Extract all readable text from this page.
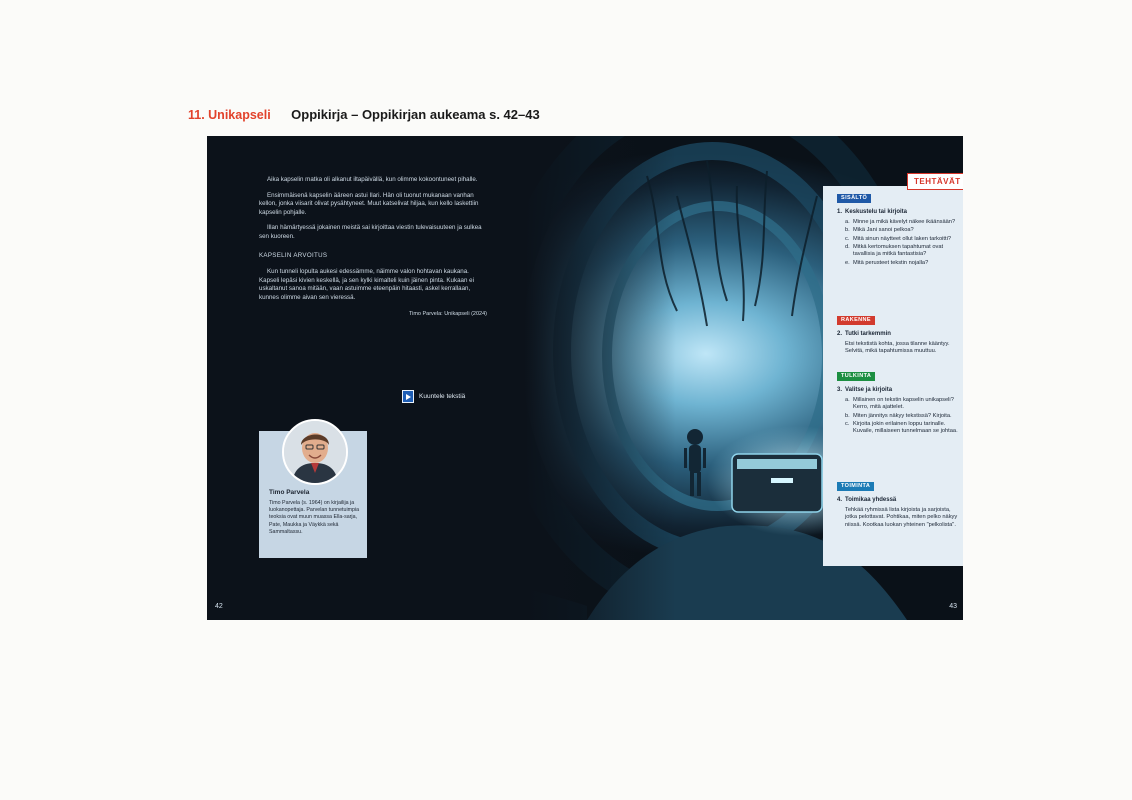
11. Unikapseli Oppikirja – Oppikirjan aukeama s. 42–43

Aika kapselin matka oli alkanut iltapäivällä, kun olimme kokoontuneet pihalle.

Ensimmäisenä kapselin ääreen astui Ilari. Hän oli tuonut mukanaan vanhan kellon, jonka viisarit olivat pysähtyneet. Muut katselivat hiljaa, kun kello laskettiin kapselin pohjalle.

Illan hämärtyessä jokainen meistä sai kirjoittaa viestin tulevaisuuteen ja sulkea sen kuoreen.

KAPSELIN ARVOITUS

Kun tunneli lopulta aukesi edessämme, näimme valon hohtavan kaukana. Kapseli lepäsi kivien keskellä, ja sen kylki kimalteli kuin jäinen pinta. Kukaan ei uskaltanut sanoa mitään, vaan astuimme eteenpäin hitaasti, askel kerrallaan, kunnes olimme aivan sen vieressä.

Timo Parvela: Unikapseli (2024)

Kuuntele tekstiä
Timo Parvela
Timo Parvela (s. 1964) on kirjailija ja luokanopettaja. Parvelan tunnetuimpia teoksia ovat muun muassa Ella-sarja, Pate, Maukka ja Väykkä sekä Sammaltassu.
SISÄLTÖ
1. Keskustelu tai kirjoita
a. Minne ja mikä kävelyt näkee ikäänsään?
b. Mikä Jani sanoi pelkoa?
c. Mitä sinun näytteet ollut laken tarkoitti?
d. Mitkä kertomuksen tapahtumat ovat tavallisia ja mitkä fantastisia?
e. Mitä perusteet tekstin nojalla?
RAKENNE
2. Tutki tarkemmin
Etsi tekstistä kohta, jossa tilanne kääntyy. Selvitä, mikä tapahtumissa muuttuu.
TULKINTA
3. Valitse ja kirjoita
a. Millainen on tekstin kapselin unikapseli? Kerro, mitä ajattelet.
b. Miten jännitys näkyy tekstissä? Kirjoita.
c. Kirjoita jokin erilainen loppu tarinalle. Kuvaile, millaiseen tunnelmaan se johtaa.
TOIMINTA
4. Toimikaa yhdessä
Tehkää ryhmissä lista kirjoista ja sarjoista, jotka pelottavat. Pohtikaa, miten pelko näkyy niissä. Kootkaa luokan yhteinen "pelkolista".
TEHTÄVÄT
42	43
